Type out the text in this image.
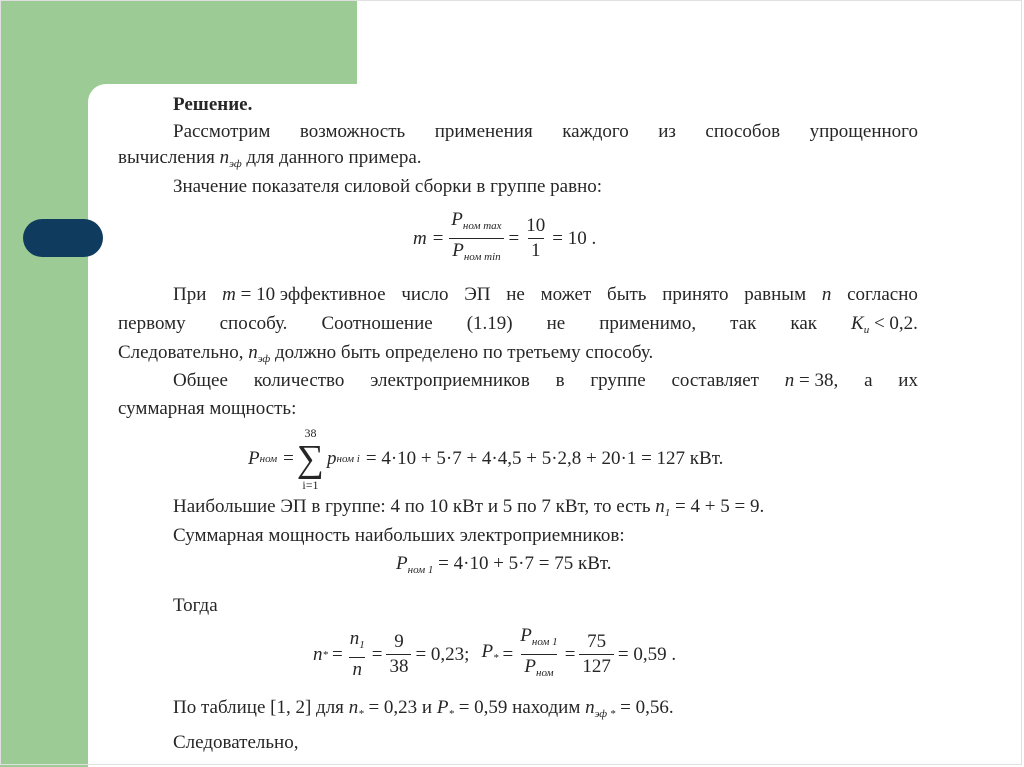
Решение.
Рассмотрим возможность применения каждого из способов упрощенного
вычисления $n_{эф}$ для данного примера.
Значение показателя силовой сборки в группе равно:
$m = \frac{P_{ном max}}{P_{ном min}} = \frac{10}{1} = 10$ .
При m = 10 эффективное число ЭП не может быть принято равным n согласно
первому способу. Соотношение (1.19) не применимо, так как $K_и < 0,2$.
Следовательно, $n_{эф}$ должно быть определено по третьему способу.
Общее количество электроприемников в группе составляет n = 38, а их
суммарная мощность:
P ном =
38
∑
i=1
p ном i = 4·10 + 5·7 + 4·4,5 + 5·2,8 + 20·1 = 127 кВт.
Наибольшие ЭП в группе: 4 по 10 кВт и 5 по 7 кВт, то есть $n_1 = 4 + 5 = 9$.
Суммарная мощность наибольших электроприемников:
$P_{ном 1} = 4\cdot 10 + 5\cdot 7 = 75$ кВт.
Тогда
n * = $\frac{n_1}{n} = \frac{9}{38} = 0,23$; $P_* = \frac{P_{ном 1}}{P_{ном}} = \frac{75}{127} = 0,59$ .
По таблице [1, 2] для $n_* = 0,23$ и $P_* = 0,59$ находим $n_{эф *} = 0,56$.
Следовательно,
